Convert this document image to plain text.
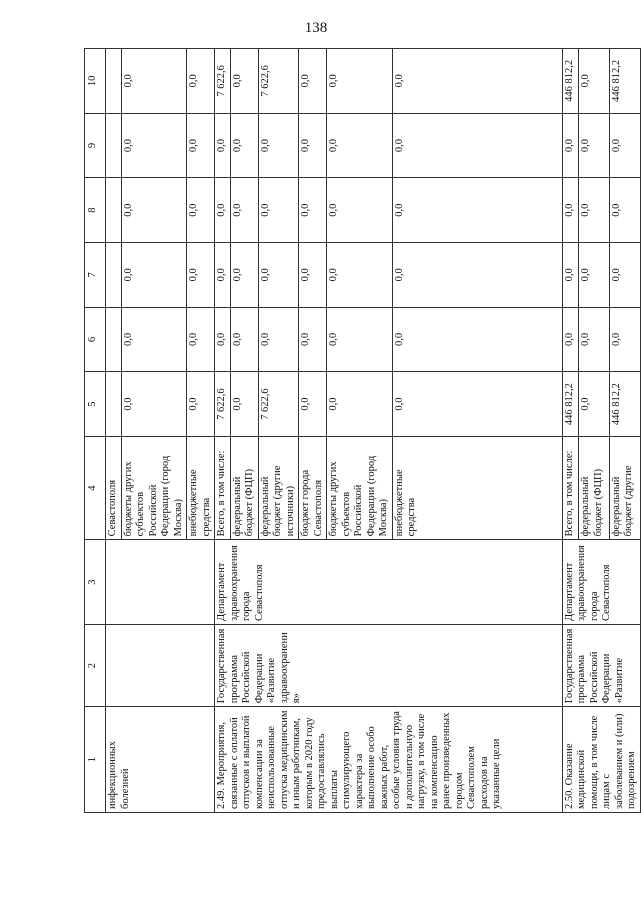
138
1	2	3	4	5	6	7	8	9	10
инфекционных болезней			Севастополя						
			бюджеты других субъектов Российской Федерации (город Москва)	0,0	0,0	0,0	0,0	0,0	0,0
			внебюджетные средства	0,0	0,0	0,0	0,0	0,0	0,0
2.49. Мероприятия, связанные с оплатой отпусков и выплатой компенсации за неиспользованные отпуска медицинским и иным работникам, которым в 2020 году предоставлялись выплаты стимулирующего характера за выполнение особо важных работ, особые условия труда и дополнительную нагрузку, в том числе на компенсацию ранее произведенных городом Севастополем расходов на указанные цели	Государственная программа Российской Федерации «Развитие здравоохранения»	Департамент здравоохранения города Севастополя	Всего, в том числе:	7 622,6	0,0	0,0	0,0	0,0	7 622,6
			федеральный бюджет (ФЦП)	0,0	0,0	0,0	0,0	0,0	0,0
			федеральный бюджет (другие источники)	7 622,6	0,0	0,0	0,0	0,0	7 622,6
			бюджет города Севастополя	0,0	0,0	0,0	0,0	0,0	0,0
			бюджеты других субъектов Российской Федерации (город Москва)	0,0	0,0	0,0	0,0	0,0	0,0
			внебюджетные средства	0,0	0,0	0,0	0,0	0,0	0,0
2.50. Оказание медицинской помощи, в том числе лицам с заболеванием и (или) подозрением	Государственная программа Российской Федерации «Развитие	Департамент здравоохранения города Севастополя	Всего, в том числе:	446 812,2	0,0	0,0	0,0	0,0	446 812,2
			федеральный бюджет (ФЦП)	0,0	0,0	0,0	0,0	0,0	0,0
			федеральный бюджет (другие	446 812,2	0,0	0,0	0,0	0,0	446 812,2
